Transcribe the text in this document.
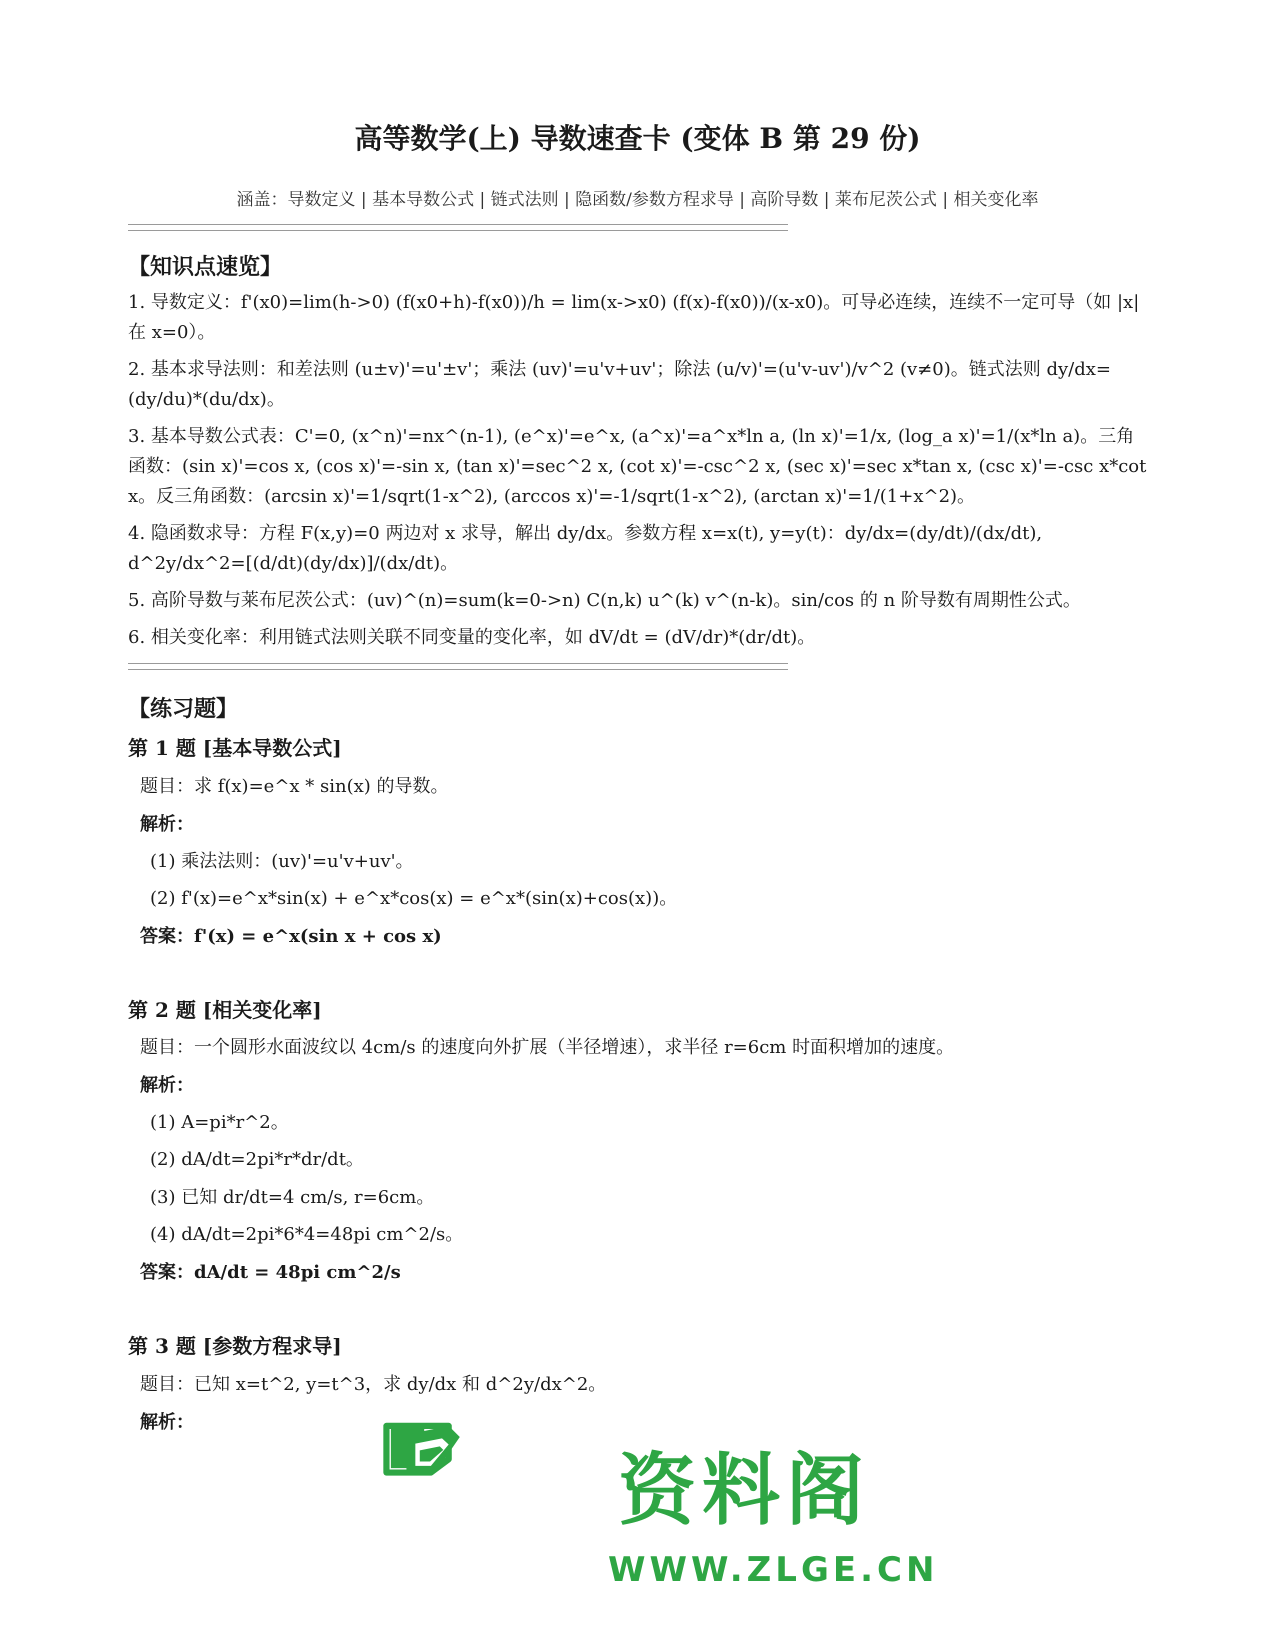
高等数学(上) 导数速查卡 (变体 B 第 29 份)
涵盖：导数定义 | 基本导数公式 | 链式法则 | 隐函数/参数方程求导 | 高阶导数 | 莱布尼茨公式 | 相关变化率
【知识点速览】
1. 导数定义：f'(x0)=lim(h->0) (f(x0+h)-f(x0))/h = lim(x->x0) (f(x)-f(x0))/(x-x0)。可导必连续，连续不一定可导（如 |x|在 x=0）。
2. 基本求导法则：和差法则 (u±v)'=u'±v'；乘法 (uv)'=u'v+uv'；除法 (u/v)'=(u'v-uv')/v^2 (v≠0)。链式法则 dy/dx=(dy/du)*(du/dx)。
3. 基本导数公式表：C'=0, (x^n)'=nx^(n-1), (e^x)'=e^x, (a^x)'=a^x*ln a, (ln x)'=1/x, (log_a x)'=1/(x*ln a)。三角函数：(sin x)'=cos x, (cos x)'=-sin x, (tan x)'=sec^2 x, (cot x)'=-csc^2 x, (sec x)'=sec x*tan x, (csc x)'=-csc x*cot x。反三角函数：(arcsin x)'=1/sqrt(1-x^2), (arccos x)'=-1/sqrt(1-x^2), (arctan x)'=1/(1+x^2)。
4. 隐函数求导：方程 F(x,y)=0 两边对 x 求导，解出 dy/dx。参数方程 x=x(t), y=y(t)：dy/dx=(dy/dt)/(dx/dt), d^2y/dx^2=[(d/dt)(dy/dx)]/(dx/dt)。
5. 高阶导数与莱布尼茨公式：(uv)^(n)=sum(k=0->n) C(n,k) u^(k) v^(n-k)。sin/cos 的 n 阶导数有周期性公式。
6. 相关变化率：利用链式法则关联不同变量的变化率，如 dV/dt = (dV/dr)*(dr/dt)。
【练习题】
第 1 题 [基本导数公式]
题目：求 f(x)=e^x * sin(x) 的导数。
解析：
(1) 乘法法则：(uv)'=u'v+uv'。
(2) f'(x)=e^x*sin(x) + e^x*cos(x) = e^x*(sin(x)+cos(x))。
答案：f'(x) = e^x(sin x + cos x)
第 2 题 [相关变化率]
题目：一个圆形水面波纹以 4cm/s 的速度向外扩展（半径增速），求半径 r=6cm 时面积增加的速度。
解析：
(1) A=pi*r^2。
(2) dA/dt=2pi*r*dr/dt。
(3) 已知 dr/dt=4 cm/s, r=6cm。
(4) dA/dt=2pi*6*4=48pi cm^2/s。
答案：dA/dt = 48pi cm^2/s
第 3 题 [参数方程求导]
题目：已知 x=t^2, y=t^3，求 dy/dx 和 d^2y/dx^2。
解析：
资料阁
WWW.ZLGE.CN
